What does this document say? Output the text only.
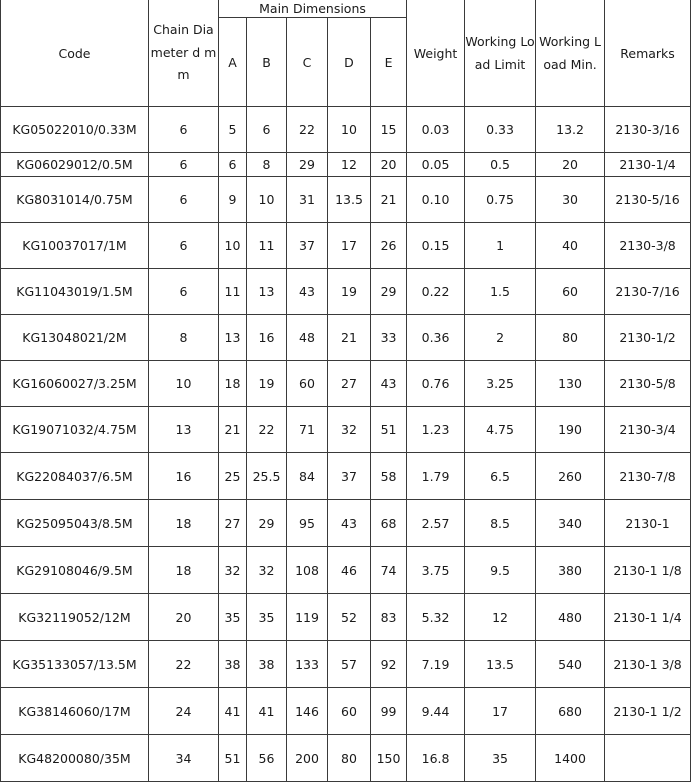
Code	Chain Diameter d mm	Main Dimensions					Weight	Working Load Limit	Working Load Min.	Remarks
		A	B	C	D	E				
KG05022010/0.33M	6	5	6	22	10	15	0.03	0.33	13.2	2130-3/16
KG06029012/0.5M	6	6	8	29	12	20	0.05	0.5	20	2130-1/4
KG8031014/0.75M	6	9	10	31	13.5	21	0.10	0.75	30	2130-5/16
KG10037017/1M	6	10	11	37	17	26	0.15	1	40	2130-3/8
KG11043019/1.5M	6	11	13	43	19	29	0.22	1.5	60	2130-7/16
KG13048021/2M	8	13	16	48	21	33	0.36	2	80	2130-1/2
KG16060027/3.25M	10	18	19	60	27	43	0.76	3.25	130	2130-5/8
KG19071032/4.75M	13	21	22	71	32	51	1.23	4.75	190	2130-3/4
KG22084037/6.5M	16	25	25.5	84	37	58	1.79	6.5	260	2130-7/8
KG25095043/8.5M	18	27	29	95	43	68	2.57	8.5	340	2130-1
KG29108046/9.5M	18	32	32	108	46	74	3.75	9.5	380	2130-1 1/8
KG32119052/12M	20	35	35	119	52	83	5.32	12	480	2130-1 1/4
KG35133057/13.5M	22	38	38	133	57	92	7.19	13.5	540	2130-1 3/8
KG38146060/17M	24	41	41	146	60	99	9.44	17	680	2130-1 1/2
KG48200080/35M	34	51	56	200	80	150	16.8	35	1400	
